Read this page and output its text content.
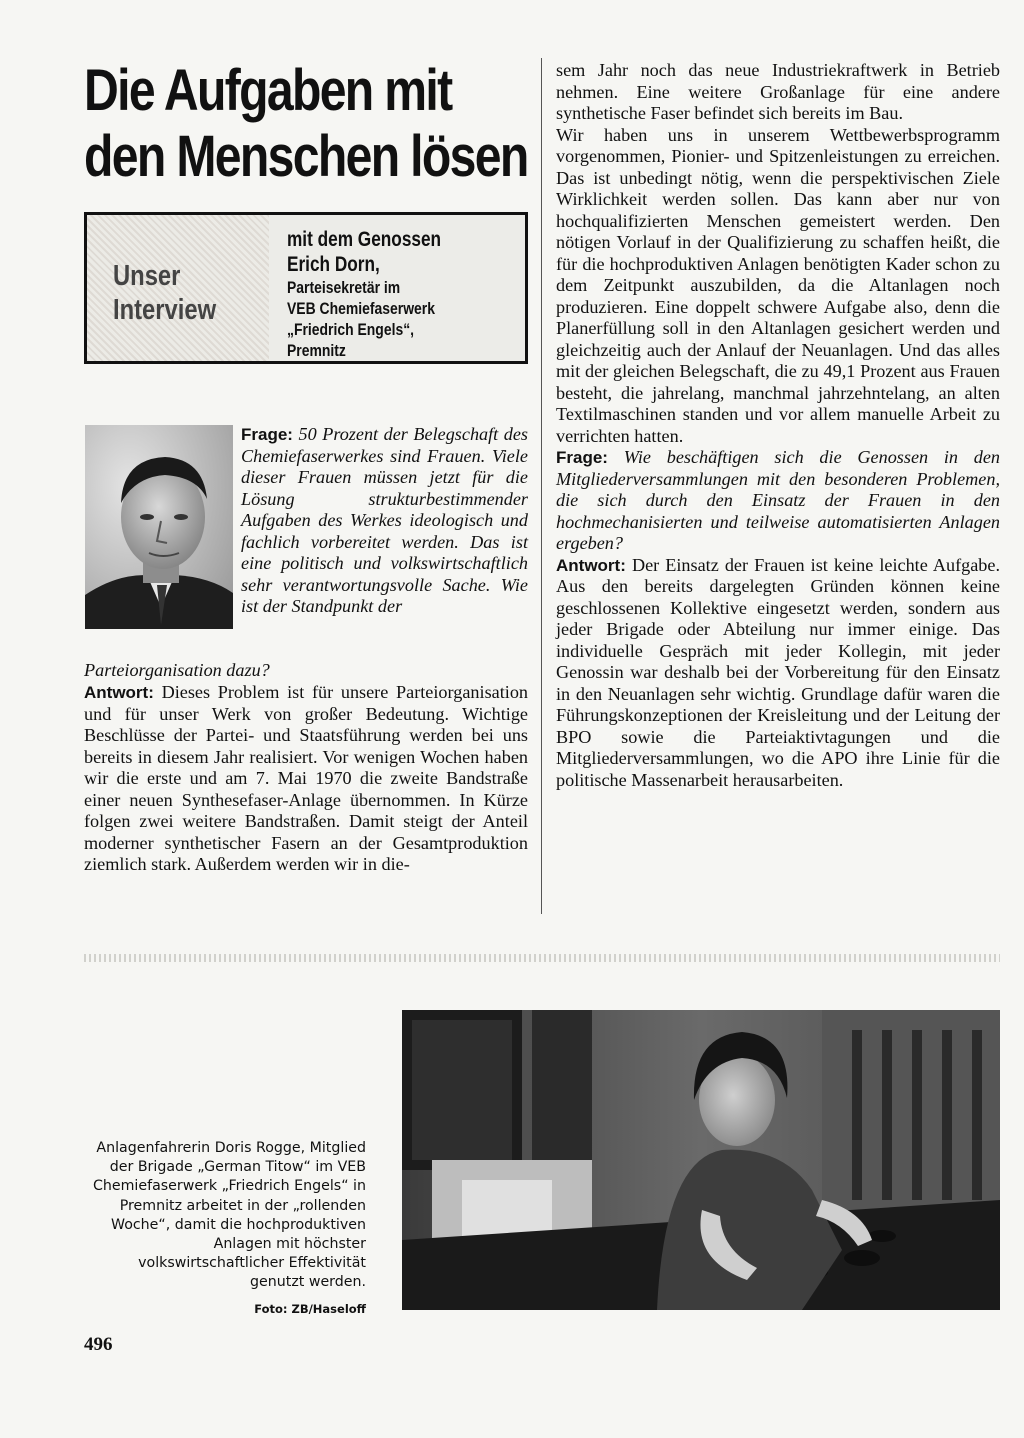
Die Aufgaben mit
den Menschen lösen
Unser
Interview
mit dem Genossen
Erich Dorn,
Parteisekretär im
VEB Chemiefaserwerk
„Friedrich Engels“,
Premnitz

Frage: 50 Prozent der Belegschaft des Chemiefaserwerkes sind Frauen. Viele dieser Frauen müssen jetzt für die Lösung strukturbestimmender Aufgaben des Werkes ideologisch und fachlich vorbereitet werden. Das ist eine politisch und volkswirtschaftlich sehr verantwortungsvolle Sache. Wie ist der Standpunkt der

Parteiorganisation dazu?

Antwort: Dieses Problem ist für unsere Parteiorganisation und für unser Werk von großer Bedeutung. Wichtige Beschlüsse der Partei- und Staatsführung werden bei uns bereits in diesem Jahr realisiert. Vor wenigen Wochen haben wir die erste und am 7. Mai 1970 die zweite Bandstraße einer neuen Synthesefaser-Anlage übernommen. In Kürze folgen zwei weitere Bandstraßen. Damit steigt der Anteil moderner synthetischer Fasern an der Gesamtproduktion ziemlich stark. Außerdem werden wir in die-

sem Jahr noch das neue Industriekraftwerk in Betrieb nehmen. Eine weitere Großanlage für eine andere synthetische Faser befindet sich bereits im Bau.

Wir haben uns in unserem Wettbewerbsprogramm vorgenommen, Pionier- und Spitzenleistungen zu erreichen. Das ist unbedingt nötig, wenn die perspektivischen Ziele Wirklichkeit werden sollen. Das kann aber nur von hochqualifizierten Menschen gemeistert werden. Den nötigen Vorlauf in der Qualifizierung zu schaffen heißt, die für die hochproduktiven Anlagen benötigten Kader schon zu dem Zeitpunkt auszubilden, da die Altanlagen noch produzieren. Eine doppelt schwere Aufgabe also, denn die Planerfüllung soll in den Altanlagen gesichert werden und gleichzeitig auch der Anlauf der Neuanlagen. Und das alles mit der gleichen Belegschaft, die zu 49,1 Prozent aus Frauen besteht, die jahrelang, manchmal jahrzehntelang, an alten Textilmaschinen standen und vor allem manuelle Arbeit zu verrichten hatten.

Frage: Wie beschäftigen sich die Genossen in den Mitgliederversammlungen mit den besonderen Problemen, die sich durch den Einsatz der Frauen in den hochmechanisierten und teilweise automatisierten Anlagen ergeben?

Antwort: Der Einsatz der Frauen ist keine leichte Aufgabe. Aus den bereits dargelegten Gründen können keine geschlossenen Kollektive eingesetzt werden, sondern aus jeder Brigade oder Abteilung nur immer einige. Das individuelle Gespräch mit jeder Kollegin, mit jeder Genossin war deshalb bei der Vorbereitung für den Einsatz in den Neuanlagen sehr wichtig. Grundlage dafür waren die Führungskonzeptionen der Kreisleitung und der Leitung der BPO sowie die Parteiaktivtagungen und die Mitgliederversammlungen, wo die APO ihre Linie für die politische Massenarbeit herausarbeiten.

Anlagenfahrerin Doris Rogge, Mitglied der Brigade „German Titow“ im VEB Chemiefaserwerk „Friedrich Engels“ in Premnitz arbeitet in der „rollenden Woche“, damit die hochproduktiven Anlagen mit höchster volkswirtschaftlicher Effektivität genutzt werden.
Foto: ZB/Haseloff
496
